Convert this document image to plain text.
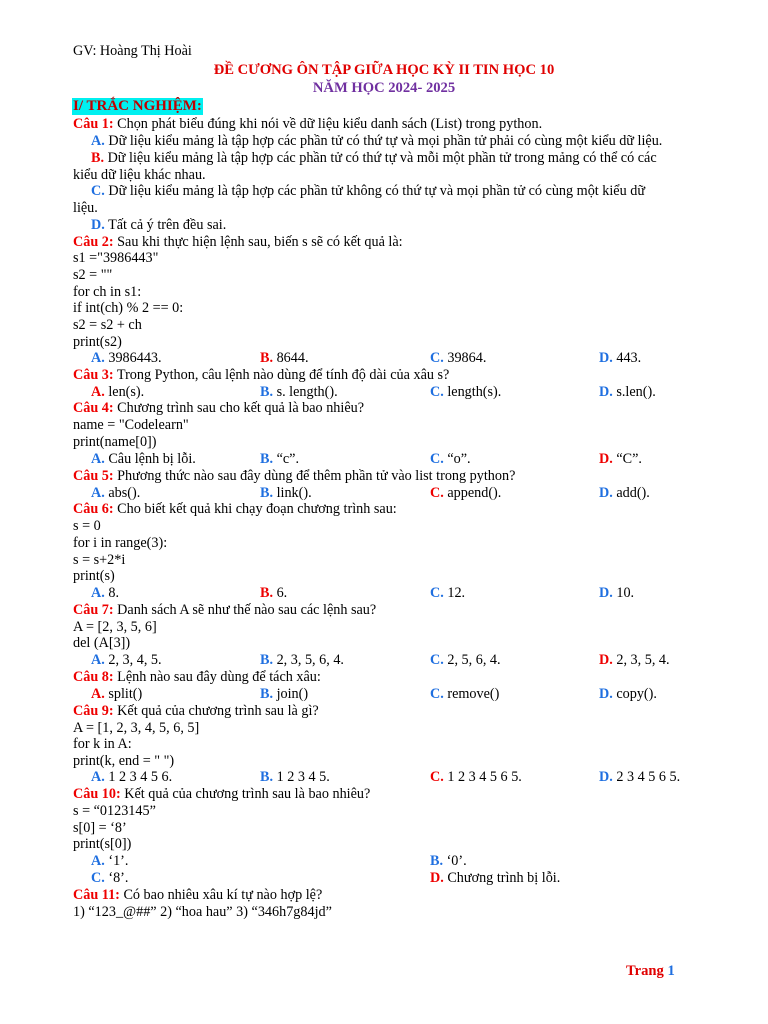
GV: Hoàng Thị Hoài
ĐỀ CƯƠNG ÔN TẬP GIỮA HỌC KỲ II TIN HỌC 10
NĂM HỌC 2024- 2025
I/ TRẮC NGHIỆM:
Câu 1: Chọn phát biểu đúng khi nói về dữ liệu kiểu danh sách (List) trong python.
A. Dữ liệu kiểu mảng là tập hợp các phần tử có thứ tự và mọi phần tử phải có cùng một kiểu dữ liệu.
B. Dữ liệu kiểu mảng là tập hợp các phần tử có thứ tự và mỗi một phần tử trong mảng có thể có các
kiểu dữ liệu khác nhau.
C. Dữ liệu kiểu mảng là tập hợp các phần tử không có thứ tự và mọi phần tử có cùng một kiểu dữ
liệu.
D. Tất cả ý trên đều sai.
Câu 2: Sau khi thực hiện lệnh sau, biến s sẽ có kết quả là:
s1 ="3986443"
s2 = ""
for ch in s1:
if int(ch) % 2 == 0:
s2 = s2 + ch
print(s2)
A. 3986443.	B. 8644.	C. 39864.	D. 443.
Câu 3: Trong Python, câu lệnh nào dùng để tính độ dài của xâu s?
A. len(s).	B. s. length().	C. length(s).	D. s.len().
Câu 4: Chương trình sau cho kết quả là bao nhiêu?
name = "Codelearn"
print(name[0])
A. Câu lệnh bị lỗi.	B. “c”.	C. “o”.	D. “C”.
Câu 5: Phương thức nào sau đây dùng để thêm phần tử vào list trong python?
A. abs().	B. link().	C. append().	D. add().
Câu 6: Cho biết kết quả khi chạy đoạn chương trình sau:
s = 0
for i in range(3):
s = s+2*i
print(s)
A. 8.	B. 6.	C. 12.	D. 10.
Câu 7: Danh sách A sẽ như thế nào sau các lệnh sau?
A = [2, 3, 5, 6]
del (A[3])
A. 2, 3, 4, 5.	B. 2, 3, 5, 6, 4.	C. 2, 5, 6, 4.	D. 2, 3, 5, 4.
Câu 8: Lệnh nào sau đây dùng để tách xâu:
A. split()	B. join()	C. remove()	D. copy().
Câu 9: Kết quả của chương trình sau là gì?
A = [1, 2, 3, 4, 5, 6, 5]
for k in A:
print(k, end = " ")
A. 1 2 3 4 5 6.	B. 1 2 3 4 5.	C. 1 2 3 4 5 6 5.	D. 2 3 4 5 6 5.
Câu 10: Kết quả của chương trình sau là bao nhiêu?
s = “0123145”
s[0] = ‘8’
print(s[0])
A. ‘1’.	B. ‘0’.
C. ‘8’.	D. Chương trình bị lỗi.
Câu 11: Có bao nhiêu xâu kí tự nào hợp lệ?
1) “123_@##” 2) “hoa hau” 3) “346h7g84jd”
Trang 1
